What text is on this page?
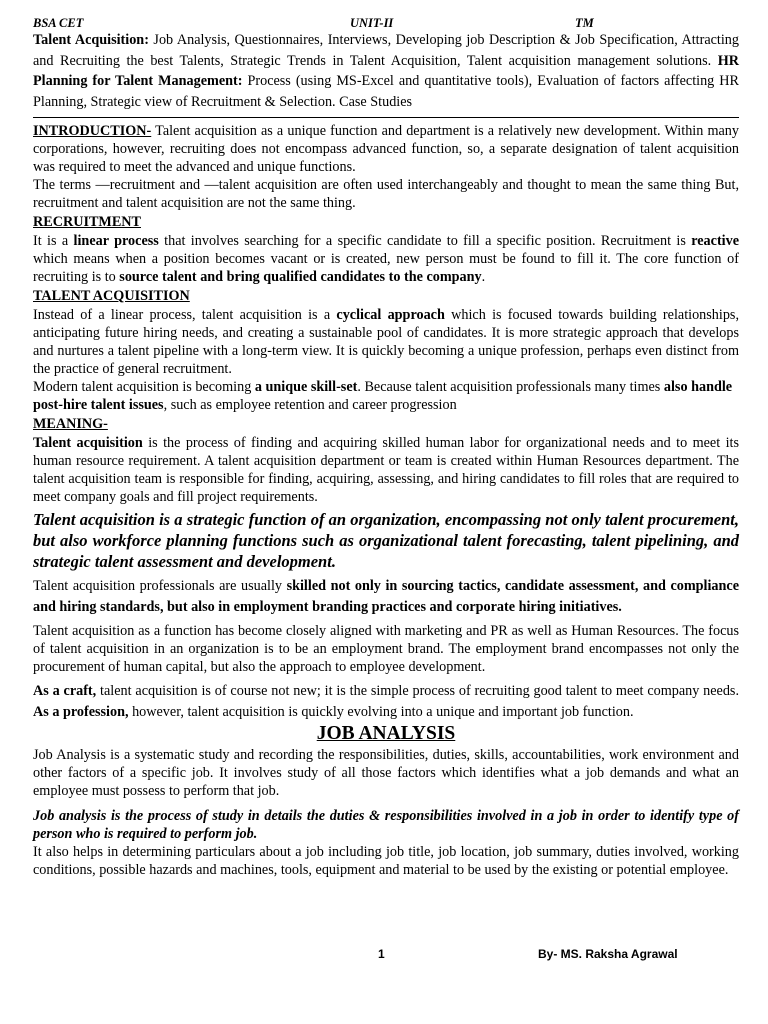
BSA CET	UNIT-II	TM

Talent Acquisition: Job Analysis, Questionnaires, Interviews, Developing job Description & Job Specification, Attracting and Recruiting the best Talents, Strategic Trends in Talent Acquisition, Talent acquisition management solutions. HR Planning for Talent Management: Process (using MS-Excel and quantitative tools), Evaluation of factors affecting HR Planning, Strategic view of Recruitment & Selection. Case Studies

INTRODUCTION- Talent acquisition as a unique function and department is a relatively new development. Within many corporations, however, recruiting does not encompass advanced function, so, a separate designation of talent acquisition was required to meet the advanced and unique functions.

The terms —recruitment and —talent acquisition are often used interchangeably and thought to mean the same thing But, recruitment and talent acquisition are not the same thing.

RECRUITMENT

It is a linear process that involves searching for a specific candidate to fill a specific position. Recruitment is reactive which means when a position becomes vacant or is created, new person must be found to fill it. The core function of recruiting is to source talent and bring qualified candidates to the company.

TALENT ACQUISITION

Instead of a linear process, talent acquisition is a cyclical approach which is focused towards building relationships, anticipating future hiring needs, and creating a sustainable pool of candidates. It is more strategic approach that develops and nurtures a talent pipeline with a long-term view. It is quickly becoming a unique profession, perhaps even distinct from the practice of general recruitment.

Modern talent acquisition is becoming a unique skill-set. Because talent acquisition professionals many times also handle post-hire talent issues, such as employee retention and career progression

MEANING-

Talent acquisition is the process of finding and acquiring skilled human labor for organizational needs and to meet its human resource requirement. A talent acquisition department or team is created within Human Resources department. The talent acquisition team is responsible for finding, acquiring, assessing, and hiring candidates to fill roles that are required to meet company goals and fill project requirements.

Talent acquisition is a strategic function of an organization, encompassing not only talent procurement, but also workforce planning functions such as organizational talent forecasting, talent pipelining, and strategic talent assessment and development.

Talent acquisition professionals are usually skilled not only in sourcing tactics, candidate assessment, and compliance and hiring standards, but also in employment branding practices and corporate hiring initiatives.

Talent acquisition as a function has become closely aligned with marketing and PR as well as Human Resources. The focus of talent acquisition in an organization is to be an employment brand. The employment brand encompasses not only the procurement of human capital, but also the approach to employee development.

As a craft, talent acquisition is of course not new; it is the simple process of recruiting good talent to meet company needs. As a profession, however, talent acquisition is quickly evolving into a unique and important job function.

JOB ANALYSIS

Job Analysis is a systematic study and recording the responsibilities, duties, skills, accountabilities, work environment and other factors of a specific job. It involves study of all those factors which identifies what a job demands and what an employee must possess to perform that job.

Job analysis is the process of study in details the duties & responsibilities involved in a job in order to identify type of person who is required to perform job.

It also helps in determining particulars about a job including job title, job location, job summary, duties involved, working conditions, possible hazards and machines, tools, equipment and material to be used by the existing or potential employee.

1	By- MS. Raksha Agrawal
